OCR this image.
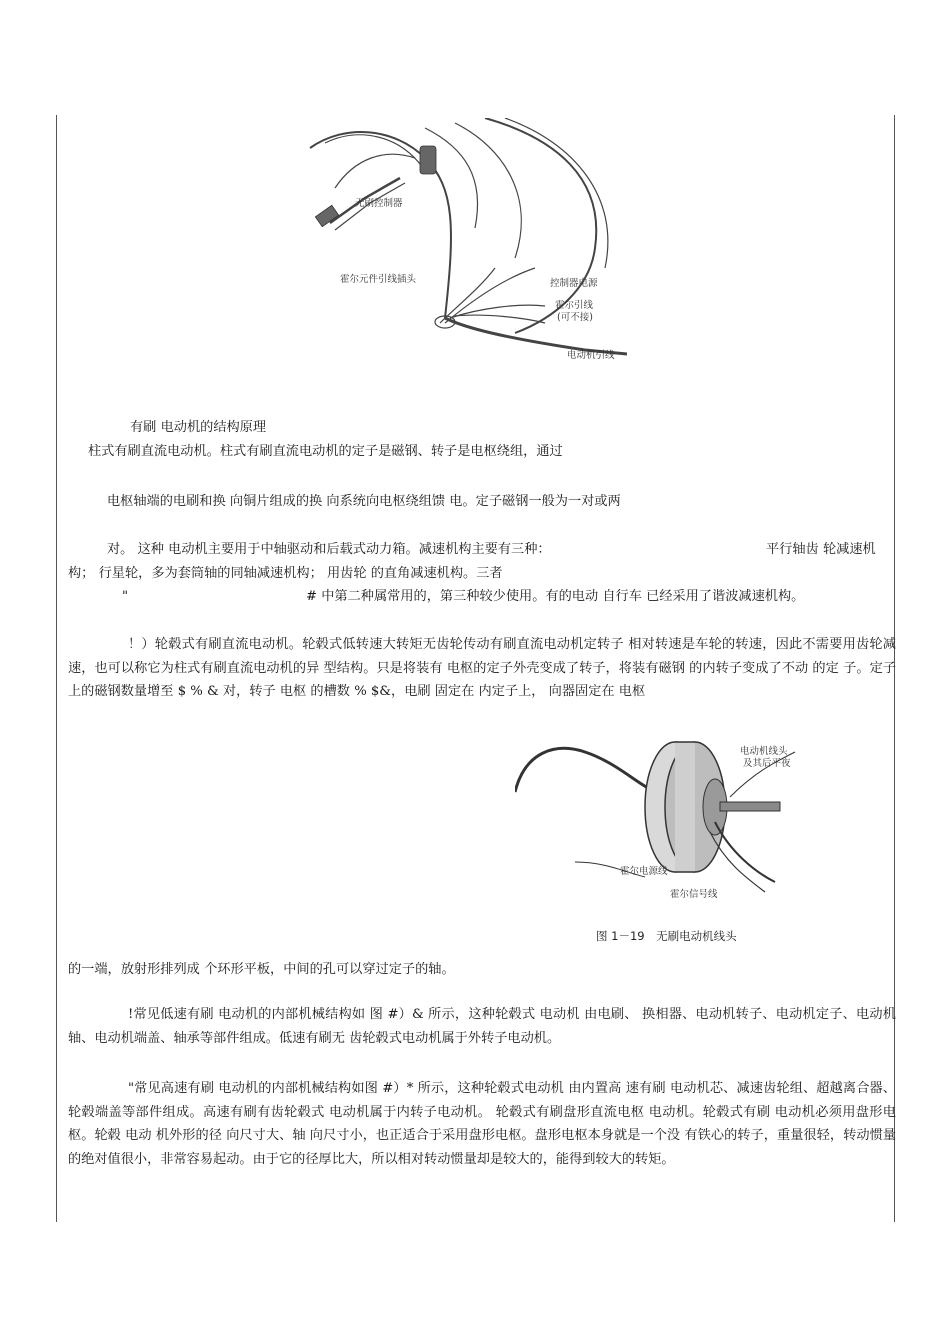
无刷控制器
霍尔元件引线插头	控制器电源
霍尔引线
(可不接)
电动机引线
有刷 电动机的结构原理
柱式有刷直流电动机。柱式有刷直流电动机的定子是磁钢、转子是电枢绕组，通过
电枢轴端的电刷和换 向铜片组成的换 向系统向电枢绕组馈 电。定子磁钢一般为一对或两
对。 这种 电动机主要用于中轴驱动和后载式动力箱。减速机构主要有三种：	平行轴齿 轮减速机
构； 行星轮，多为套筒轴的同轴减速机构； 用齿轮 的直角减速机构。三者
"	# 中第二种属常用的，第三种较少使用。有的电动 自行车 已经采用了谐波减速机构。
！）轮毂式有刷直流电动机。轮毂式低转速大转矩无齿轮传动有刷直流电动机定转子 相对转速是车轮的转速，因此不需要用齿轮减速，也可以称它为柱式有刷直流电动机的异 型结构。只是将装有 电枢的定子外壳变成了转子，将装有磁钢 的内转子变成了不动 的定 子。定子上的磁钢数量增至 $ % & 对，转子 电枢 的槽数 % $&，电刷 固定在 内定子上， 向器固定在 电枢
电动机线头
及其后平夜
霍尔电源线
霍尔信号线
图 1－19　无刷电动机线头
的一端，放射形排列成 个环形平板，中间的孔可以穿过定子的轴。
!常见低速有刷 电动机的内部机械结构如 图 #）& 所示，这种轮毂式 电动机 由电刷、 换相器、电动机转子、电动机定子、电动机轴、电动机端盖、轴承等部件组成。低速有刷无 齿轮毂式电动机属于外转子电动机。
"常见高速有刷 电动机的内部机械结构如图 #）* 所示，这种轮毂式电动机 由内置高 速有刷 电动机芯、减速齿轮组、超越离合器、轮毂端盖等部件组成。高速有刷有齿轮毂式 电动机属于内转子电动机。 轮毂式有刷盘形直流电枢 电动机。轮毂式有刷 电动机必须用盘形电枢。轮毂 电动 机外形的径 向尺寸大、轴 向尺寸小，也正适合于采用盘形电枢。盘形电枢本身就是一个没 有铁心的转子，重量很轻，转动惯量的绝对值很小，非常容易起动。由于它的径厚比大，所以相对转动惯量却是较大的，能得到较大的转矩。
